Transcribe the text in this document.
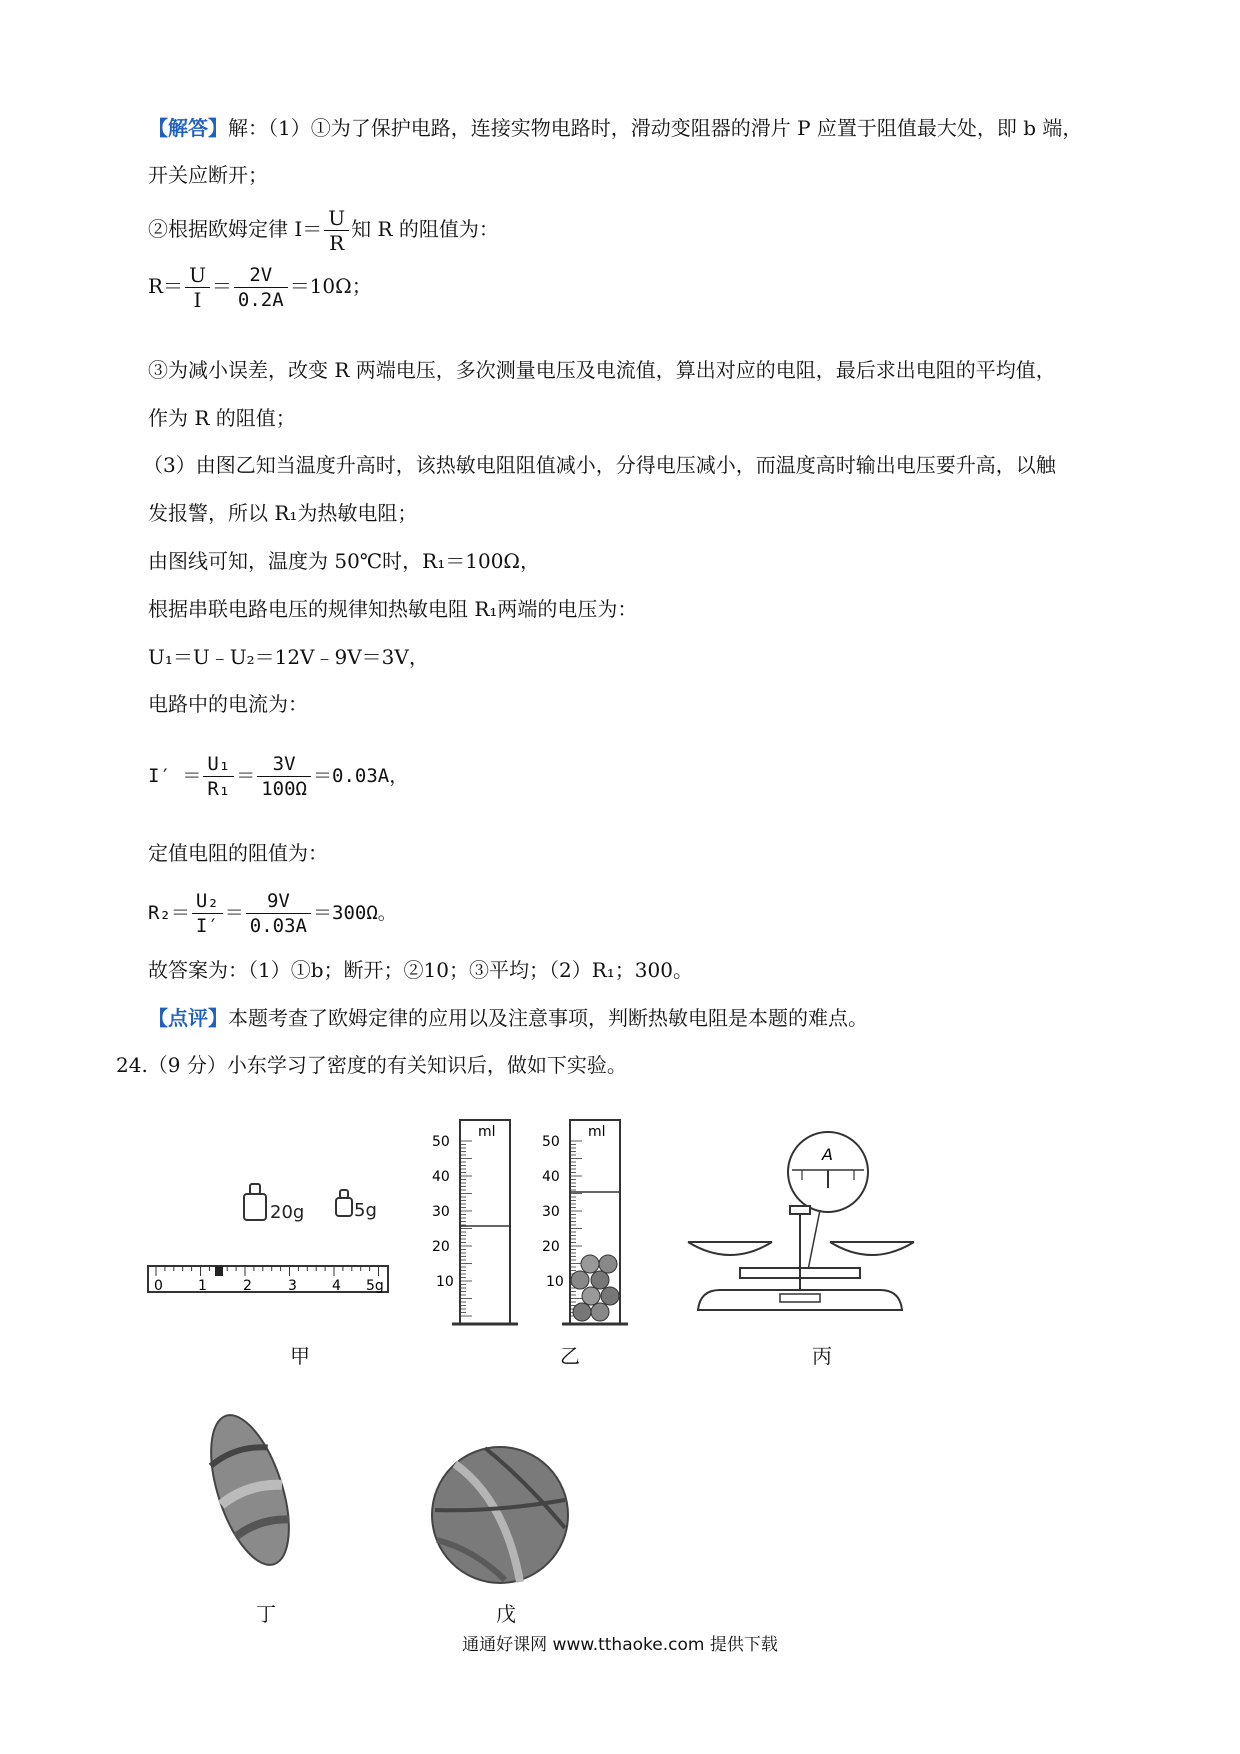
【解答】解：（1）①为了保护电路，连接实物电路时，滑动变阻器的滑片 P 应置于阻值最大处，即 b 端，
开关应断开；
②根据欧姆定律 $I= \frac{U}{R}$ 知 R 的阻值为：
$R= \frac{U}{I} = \frac{2V}{0.2A} =10\Omega$；
③为减小误差，改变 R 两端电压，多次测量电压及电流值，算出对应的电阻，最后求出电阻的平均值，
作为 R 的阻值；
（3）由图乙知当温度升高时，该热敏电阻阻值减小，分得电压减小，而温度高时输出电压要升高，以触
发报警，所以 R₁为热敏电阻；
由图线可知，温度为 50℃时，R₁＝100Ω，
根据串联电路电压的规律知热敏电阻 R₁两端的电压为：
U₁＝U﹣U₂＝12V﹣9V＝3V，
电路中的电流为：
$I' = \frac{\text{U₁}}{\text{R₁}} = \frac{3V}{100\Omega} =0.03A$，
定值电阻的阻值为：
$R_2= \frac{\text{U₂}}{I'} = \frac{9V}{0.03A} =300\Omega$。
故答案为：（1）①b；断开；②10；③平均；（2）R₁；300。
【点评】本题考查了欧姆定律的应用以及注意事项，判断热敏电阻是本题的难点。
24.（9 分）小东学习了密度的有关知识后，做如下实验。
20g	5g
0	1	2	3	4 5g
甲
ml
50
40
30
20
10
ml
50
40
30
20
10
乙
A
丙
丁	戊
通通好课网 www.tthaoke.com 提供下载
